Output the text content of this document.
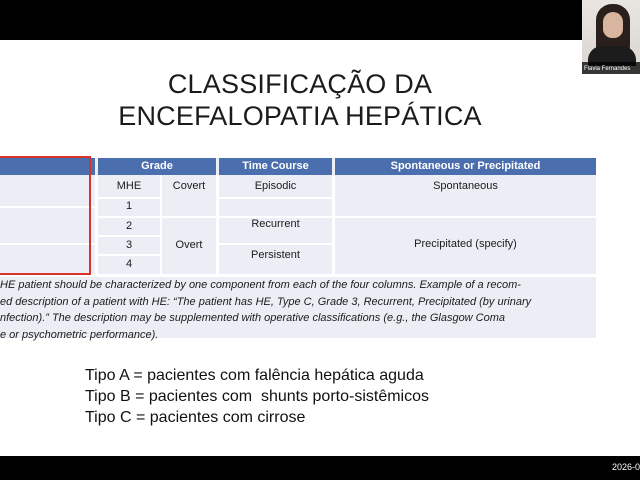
Flavia Fernandes
CLASSIFICAÇÃO DA
ENCEFALOPATIA HEPÁTICA
Grade	Time Course	Spontaneous or Precipitated
MHE
1
2
3
4
Covert
Overt
Episodic
Recurrent
Persistent
Spontaneous
Precipitated (specify)
HE patient should be characterized by one component from each of the four columns. Example of a recom-
ed description of a patient with HE: “The patient has HE, Type C, Grade 3, Recurrent, Precipitated (by urinary
nfection).” The description may be supplemented with operative classifications (e.g., the Glasgow Coma
e or psychometric performance).
Tipo A = pacientes com falência hepática aguda
Tipo B = pacientes com  shunts porto-sistêmicos
Tipo C = pacientes com cirrose
2026-0
